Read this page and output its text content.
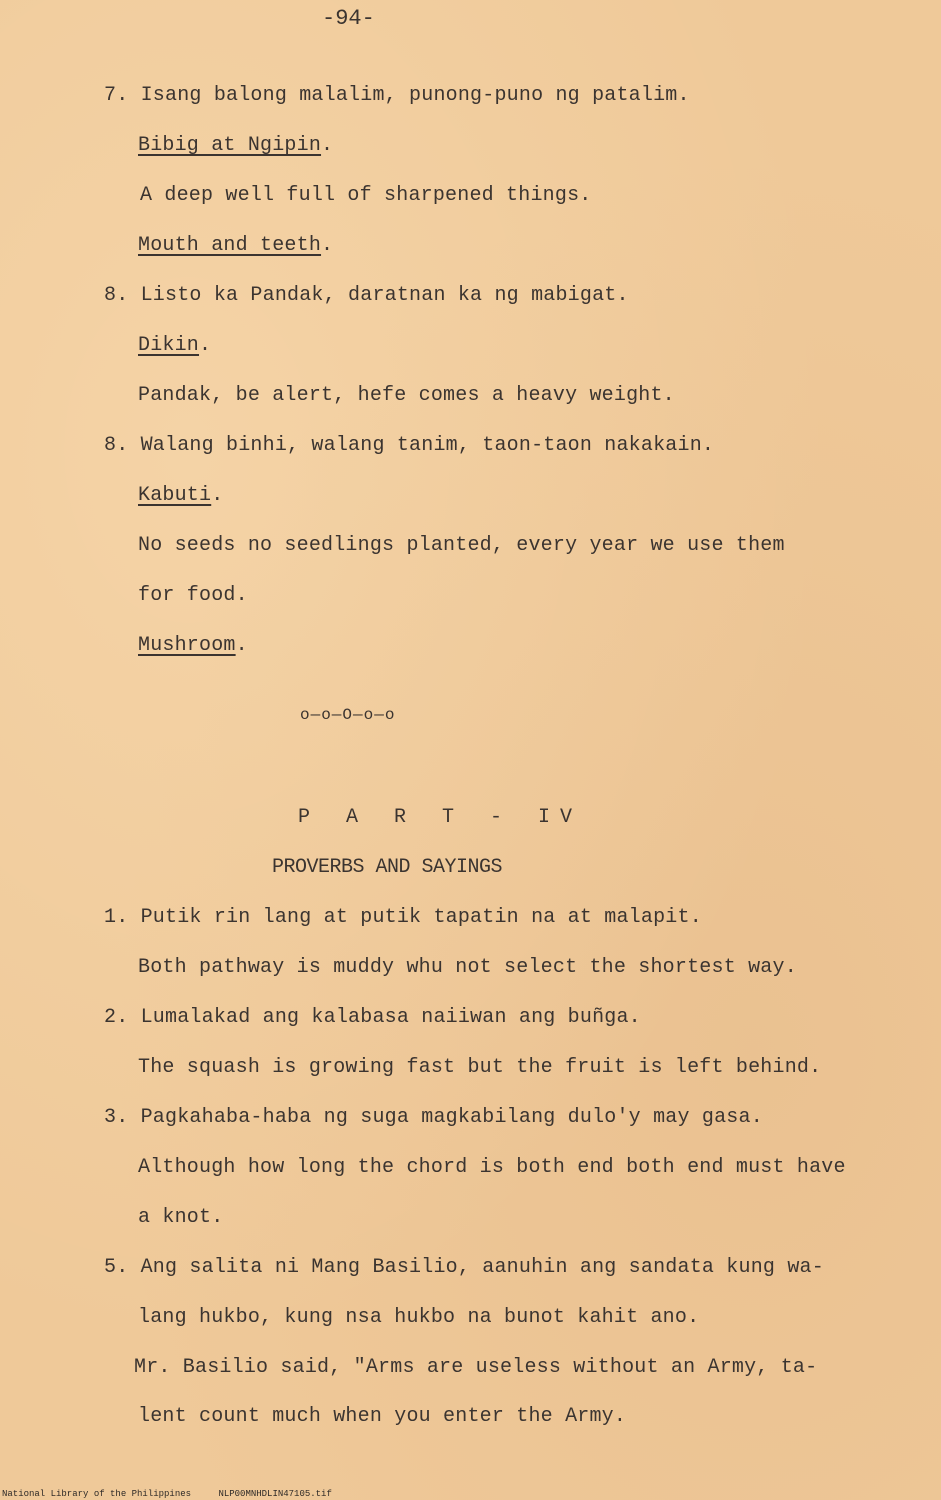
-94-
7. Isang balong malalim, punong-puno ng patalim.
Bibig at Ngipin.
A deep well full of sharpened things.
Mouth and teeth.
8. Listo ka Pandak, daratnan ka ng mabigat.
Dikin.
Pandak, be alert, hefe comes a heavy weight.
8. Walang binhi, walang tanim, taon-taon nakakain.
Kabuti.
No seeds no seedlings planted, every year we use them
for food.
Mushroom.
o—o—O—o—o
P A R T - IV
PROVERBS AND SAYINGS
1. Putik rin lang at putik tapatin na at malapit.
Both pathway is muddy whu not select the shortest way.
2. Lumalakad ang kalabasa naiiwan ang buñga.
The squash is growing fast but the fruit is left behind.
3. Pagkahaba-haba ng suga magkabilang dulo'y may gasa.
Although how long the chord is both end both end must have
a knot.
5. Ang salita ni Mang Basilio, aanuhin ang sandata kung wa-
lang hukbo, kung nsa hukbo na bunot kahit ano.
Mr. Basilio said, "Arms are useless without an Army, ta-
lent count much when you enter the Army.
National Library of the Philippines	NLP00MNHDLIN47105.tif
